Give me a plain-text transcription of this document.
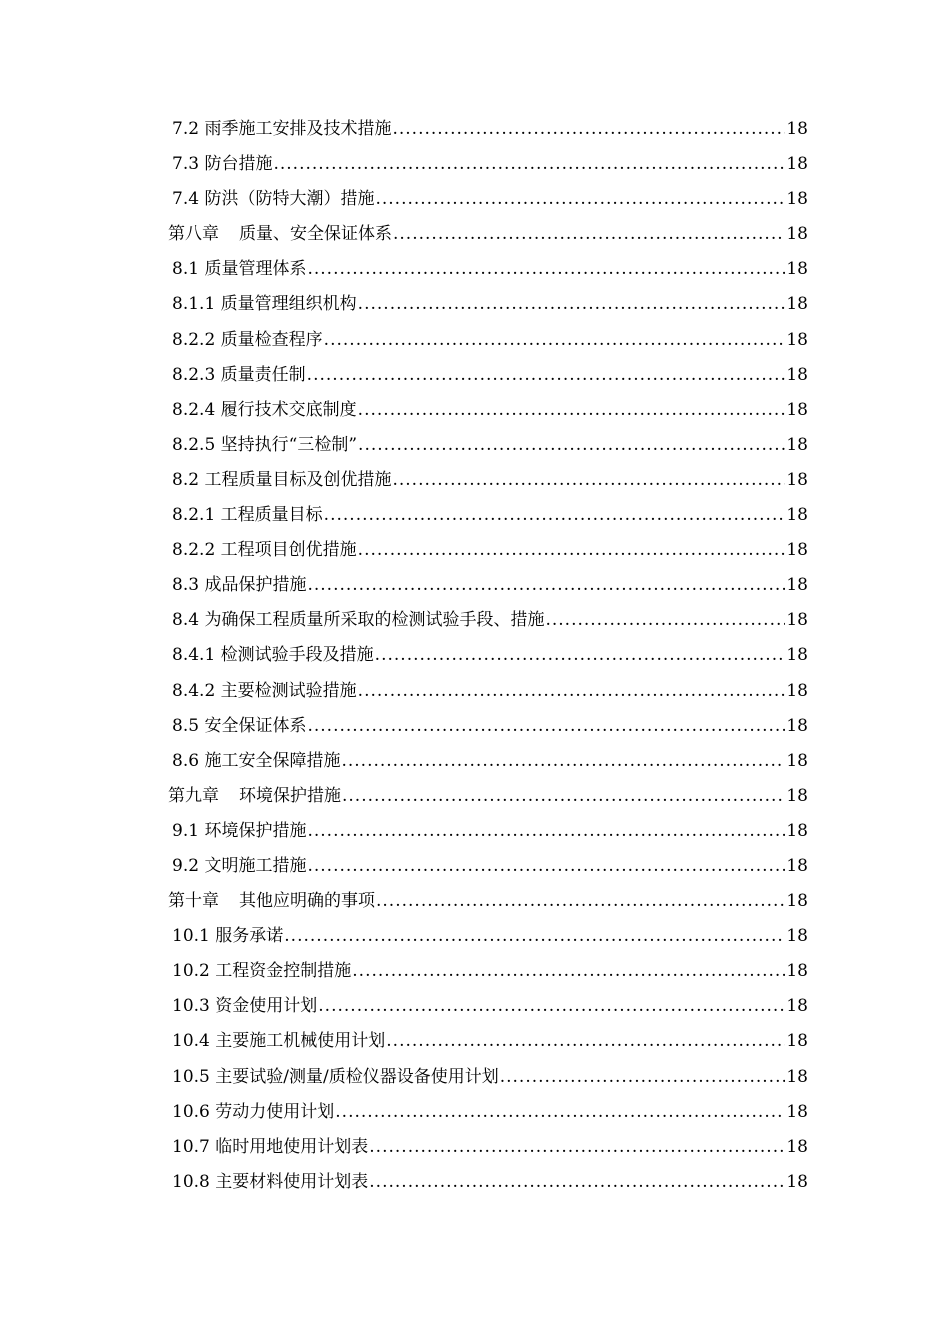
7.2 雨季施工安排及技术措施 .....	18
7.3 防台措施 .....	18
7.4 防洪（防特大潮）措施 .....	18
第八章 质量、安全保证体系 .....	18
8.1 质量管理体系 .....	18
8.1.1 质量管理组织机构 .....	18
8.2.2 质量检查程序 .....	18
8.2.3 质量责任制 .....	18
8.2.4 履行技术交底制度 .....	18
8.2.5 坚持执行“三检制” .....	18
8.2 工程质量目标及创优措施 .....	18
8.2.1 工程质量目标 .....	18
8.2.2 工程项目创优措施 .....	18
8.3 成品保护措施 .....	18
8.4 为确保工程质量所采取的检测试验手段、措施 .....	18
8.4.1 检测试验手段及措施 .....	18
8.4.2 主要检测试验措施 .....	18
8.5 安全保证体系 .....	18
8.6 施工安全保障措施 .....	18
第九章 环境保护措施 .....	18
9.1 环境保护措施 .....	18
9.2 文明施工措施 .....	18
第十章 其他应明确的事项 .....	18
10.1 服务承诺 .....	18
10.2 工程资金控制措施 .....	18
10.3 资金使用计划 .....	18
10.4 主要施工机械使用计划 .....	18
10.5 主要试验/测量/质检仪器设备使用计划 .....	18
10.6 劳动力使用计划 .....	18
10.7 临时用地使用计划表 .....	18
10.8 主要材料使用计划表 .....	18
